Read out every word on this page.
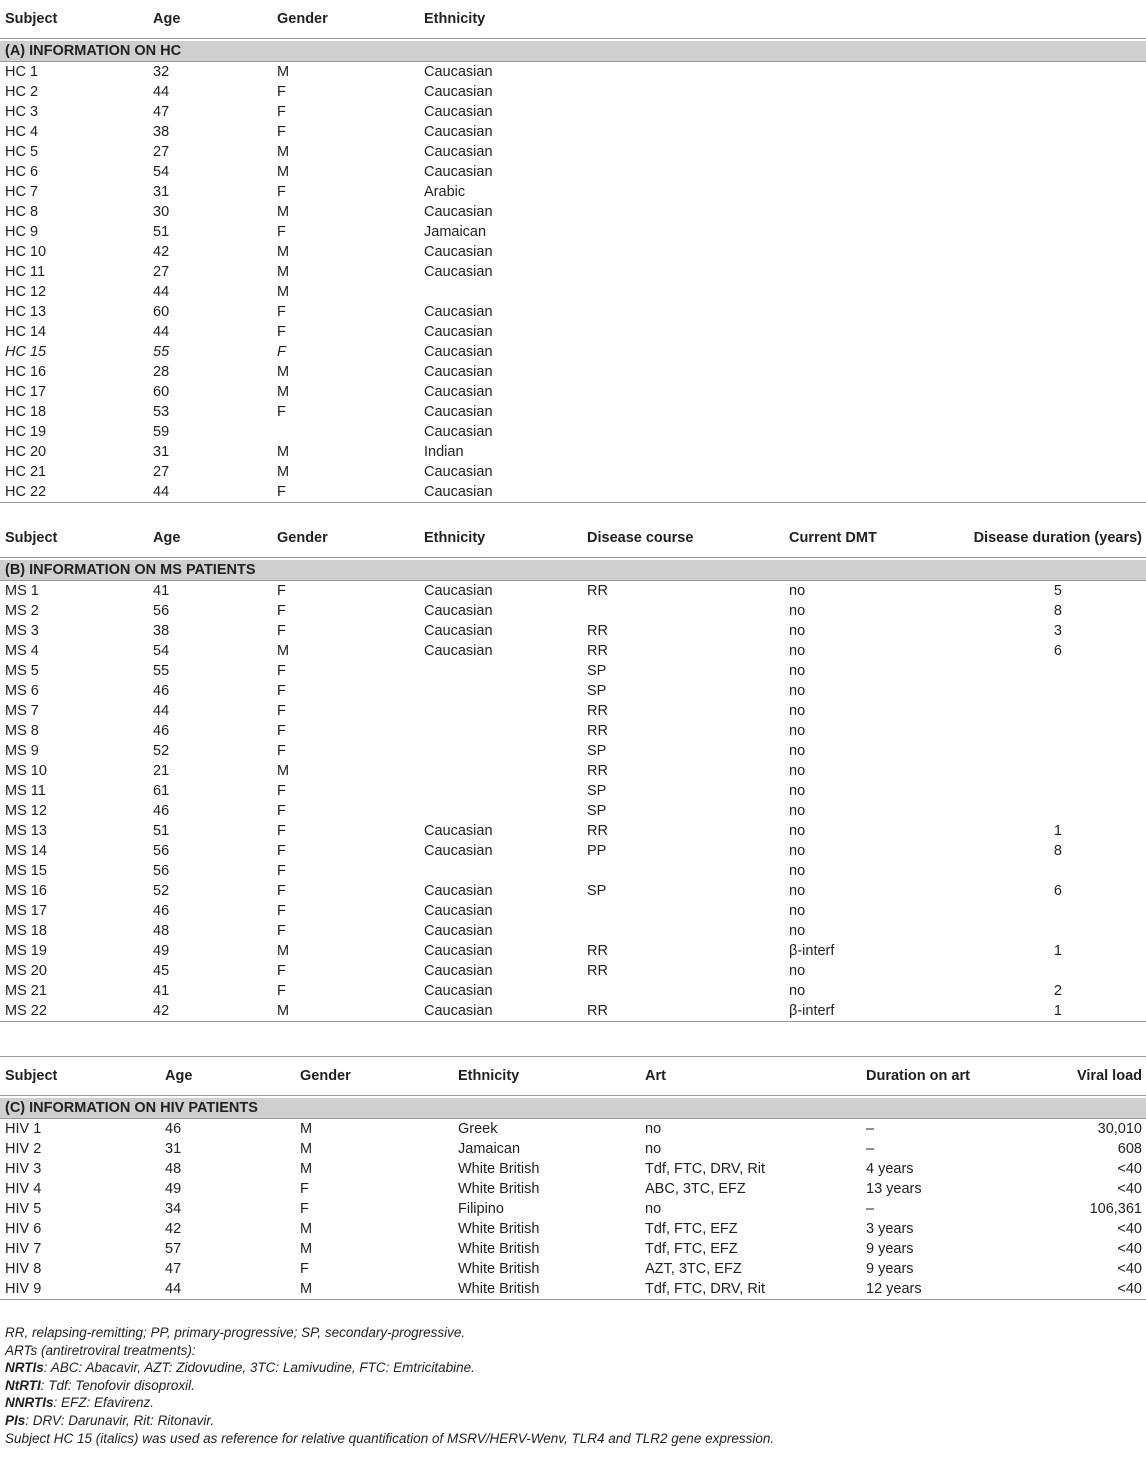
Subject	Age	Gender	Ethnicity			

(A) INFORMATION ON HC						
HC 1	32	M	Caucasian			
HC 2	44	F	Caucasian			
HC 3	47	F	Caucasian			
HC 4	38	F	Caucasian			
HC 5	27	M	Caucasian			
HC 6	54	M	Caucasian			
HC 7	31	F	Arabic			
HC 8	30	M	Caucasian			
HC 9	51	F	Jamaican			
HC 10	42	M	Caucasian			
HC 11	27	M	Caucasian			
HC 12	44	M				
HC 13	60	F	Caucasian			
HC 14	44	F	Caucasian			
HC 15	55	F	Caucasian			
HC 16	28	M	Caucasian			
HC 17	60	M	Caucasian			
HC 18	53	F	Caucasian			
HC 19	59		Caucasian			
HC 20	31	M	Indian			
HC 21	27	M	Caucasian			
HC 22	44	F	Caucasian			
Subject	Age	Gender	Ethnicity	Disease course	Current DMT	Disease duration (years)

(B) INFORMATION ON MS PATIENTS						
MS 1	41	F	Caucasian	RR	no	5
MS 2	56	F	Caucasian		no	8
MS 3	38	F	Caucasian	RR	no	3
MS 4	54	M	Caucasian	RR	no	6
MS 5	55	F		SP	no	
MS 6	46	F		SP	no	
MS 7	44	F		RR	no	
MS 8	46	F		RR	no	
MS 9	52	F		SP	no	
MS 10	21	M		RR	no	
MS 11	61	F		SP	no	
MS 12	46	F		SP	no	
MS 13	51	F	Caucasian	RR	no	1
MS 14	56	F	Caucasian	PP	no	8
MS 15	56	F			no	
MS 16	52	F	Caucasian	SP	no	6
MS 17	46	F	Caucasian		no	
MS 18	48	F	Caucasian		no	
MS 19	49	M	Caucasian	RR	β-interf	1
MS 20	45	F	Caucasian	RR	no	
MS 21	41	F	Caucasian		no	2
MS 22	42	M	Caucasian	RR	β-interf	1
Subject	Age	Gender	Ethnicity	Art	Duration on art	Viral load

(C) INFORMATION ON HIV PATIENTS						
HIV 1	46	M	Greek	no	–	30,010
HIV 2	31	M	Jamaican	no	–	608
HIV 3	48	M	White British	Tdf, FTC, DRV, Rit	4 years	<40
HIV 4	49	F	White British	ABC, 3TC, EFZ	13 years	<40
HIV 5	34	F	Filipino	no	–	106,361
HIV 6	42	M	White British	Tdf, FTC, EFZ	3 years	<40
HIV 7	57	M	White British	Tdf, FTC, EFZ	9 years	<40
HIV 8	47	F	White British	AZT, 3TC, EFZ	9 years	<40
HIV 9	44	M	White British	Tdf, FTC, DRV, Rit	12 years	<40

RR, relapsing-remitting; PP, primary-progressive; SP, secondary-progressive.

ARTs (antiretroviral treatments):

NRTIs: ABC: Abacavir, AZT: Zidovudine, 3TC: Lamivudine, FTC: Emtricitabine.

NtRTI: Tdf: Tenofovir disoproxil.

NNRTIs: EFZ: Efavirenz.

PIs: DRV: Darunavir, Rit: Ritonavir.

Subject HC 15 (italics) was used as reference for relative quantification of MSRV/HERV-Wenv, TLR4 and TLR2 gene expression.
